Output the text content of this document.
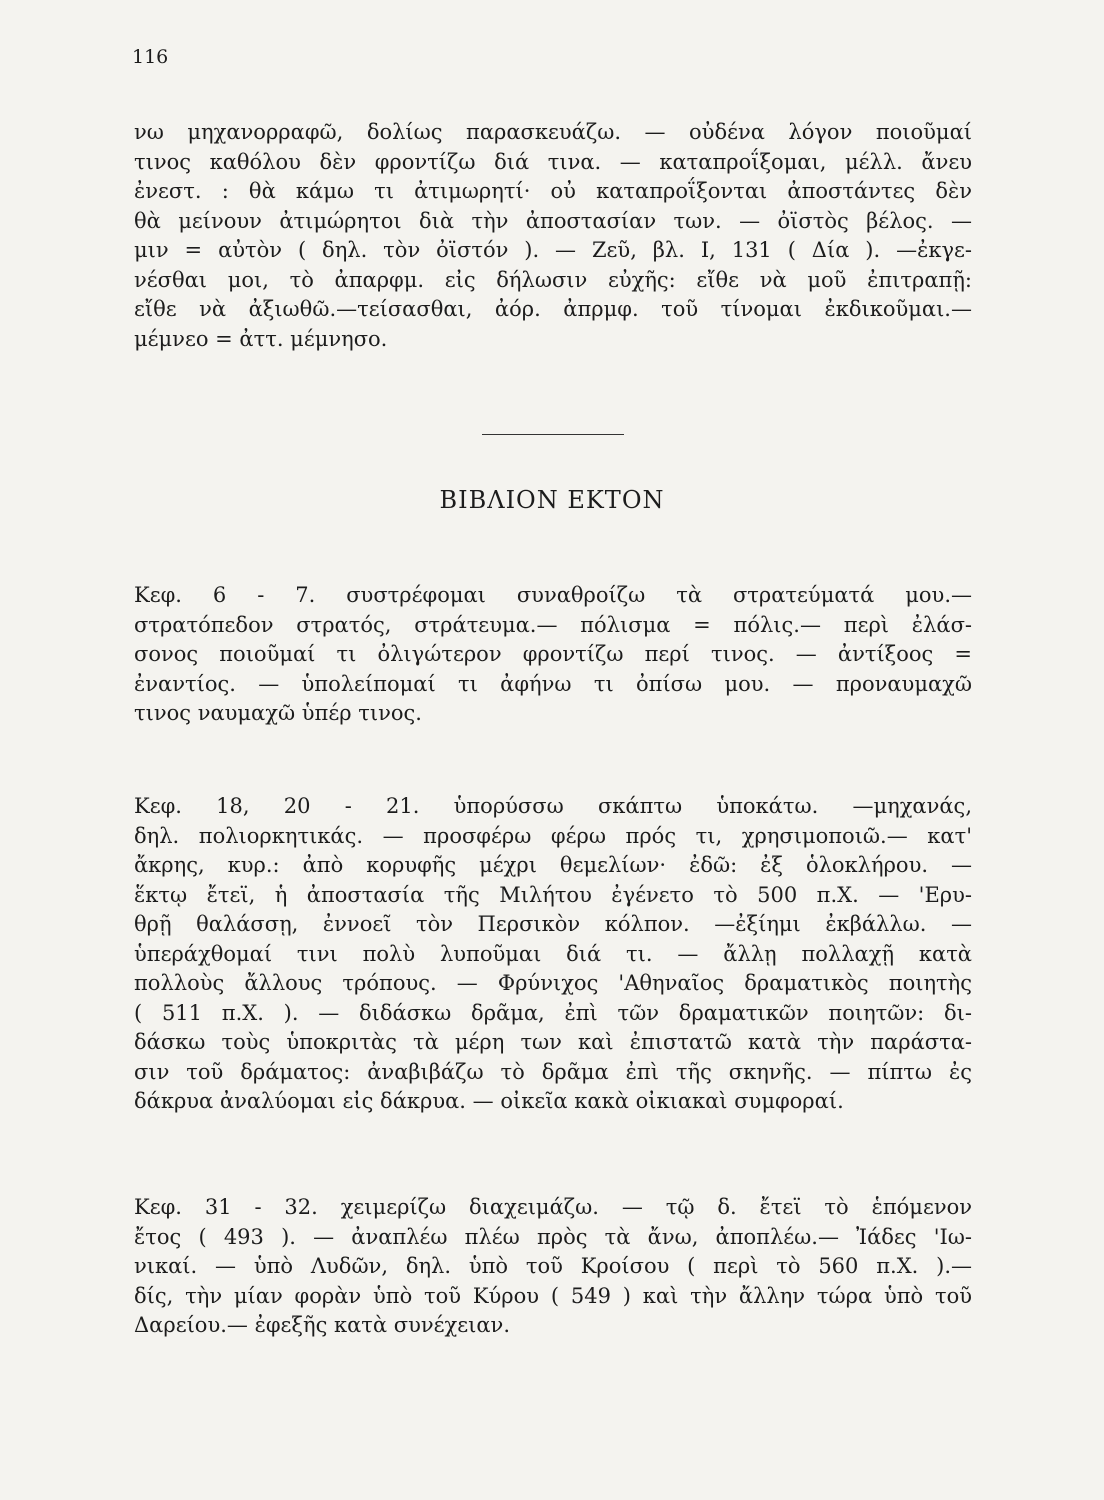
116
νω μηχανορραφῶ, δολίως παρασκευάζω. — οὐδένα λόγον ποιοῦμαί
τινος καθόλου δὲν φροντίζω διά τινα. — καταπροΐξομαι, μέλλ. ἄνευ
ἐνεστ. : θὰ κάμω τι ἀτιμωρητί· οὐ καταπροΐξονται ἀποστάντες δὲν
θὰ μείνουν ἀτιμώρητοι διὰ τὴν ἀποστασίαν των. — ὀϊστὸς βέλος. —
μιν = αὐτὸν ( δηλ. τὸν ὀϊστόν ). — Ζεῦ, βλ. Ι, 131 ( Δία ). —ἐκγε-
νέσθαι μοι, τὸ ἀπαρφμ. εἰς δήλωσιν εὐχῆς: εἴθε νὰ μοῦ ἐπιτραπῇ:
εἴθε νὰ ἀξιωθῶ.—τείσασθαι, ἀόρ. ἀπρμφ. τοῦ τίνομαι ἐκδικοῦμαι.—
μέμνεο = ἀττ. μέμνησο.
ΒΙΒΛΙΟΝ ΕΚΤΟΝ
Κεφ. 6 - 7. συστρέφομαι συναθροίζω τὰ στρατεύματά μου.—
στρατόπεδον στρατός, στράτευμα.— πόλισμα = πόλις.— περὶ ἐλάσ-
σονος ποιοῦμαί τι ὀλιγώτερον φροντίζω περί τινος. — ἀντίξοος =
ἐναντίος. — ὑπολείπομαί τι ἀφήνω τι ὀπίσω μου. — προναυμαχῶ
τινος ναυμαχῶ ὑπέρ τινος.
Κεφ. 18, 20 - 21. ὑπορύσσω σκάπτω ὑποκάτω. —μηχανάς,
δηλ. πολιορκητικάς. — προσφέρω φέρω πρός τι, χρησιμοποιῶ.— κατ'
ἄκρης, κυρ.: ἀπὸ κορυφῆς μέχρι θεμελίων· ἐδῶ: ἐξ ὁλοκλήρου. —
ἕκτῳ ἔτεϊ, ἡ ἀποστασία τῆς Μιλήτου ἐγένετο τὸ 500 π.Χ. — 'Ερυ-
θρῇ θαλάσσῃ, ἐννοεῖ τὸν Περσικὸν κόλπον. —ἐξίημι ἐκβάλλω. —
ὑπεράχθομαί τινι πολὺ λυποῦμαι διά τι. — ἄλλῃ πολλαχῇ κατὰ
πολλοὺς ἄλλους τρόπους. — Φρύνιχος 'Αθηναῖος δραματικὸς ποιητὴς
( 511 π.Χ. ). — διδάσκω δρᾶμα, ἐπὶ τῶν δραματικῶν ποιητῶν: δι-
δάσκω τοὺς ὑποκριτὰς τὰ μέρη των καὶ ἐπιστατῶ κατὰ τὴν παράστα-
σιν τοῦ δράματος: ἀναβιβάζω τὸ δρᾶμα ἐπὶ τῆς σκηνῆς. — πίπτω ἐς
δάκρυα ἀναλύομαι εἰς δάκρυα. — οἰκεῖα κακὰ οἰκιακαὶ συμφοραί.
Κεφ. 31 - 32. χειμερίζω διαχειμάζω. — τῷ δ. ἔτεϊ τὸ ἑπόμενον
ἔτος ( 493 ). — ἀναπλέω πλέω πρὸς τὰ ἄνω, ἀποπλέω.— Ἰάδες 'Ιω-
νικαί. — ὑπὸ Λυδῶν, δηλ. ὑπὸ τοῦ Κροίσου ( περὶ τὸ 560 π.Χ. ).—
δίς, τὴν μίαν φορὰν ὑπὸ τοῦ Κύρου ( 549 ) καὶ τὴν ἄλλην τώρα ὑπὸ τοῦ
Δαρείου.— ἐφεξῆς κατὰ συνέχειαν.
